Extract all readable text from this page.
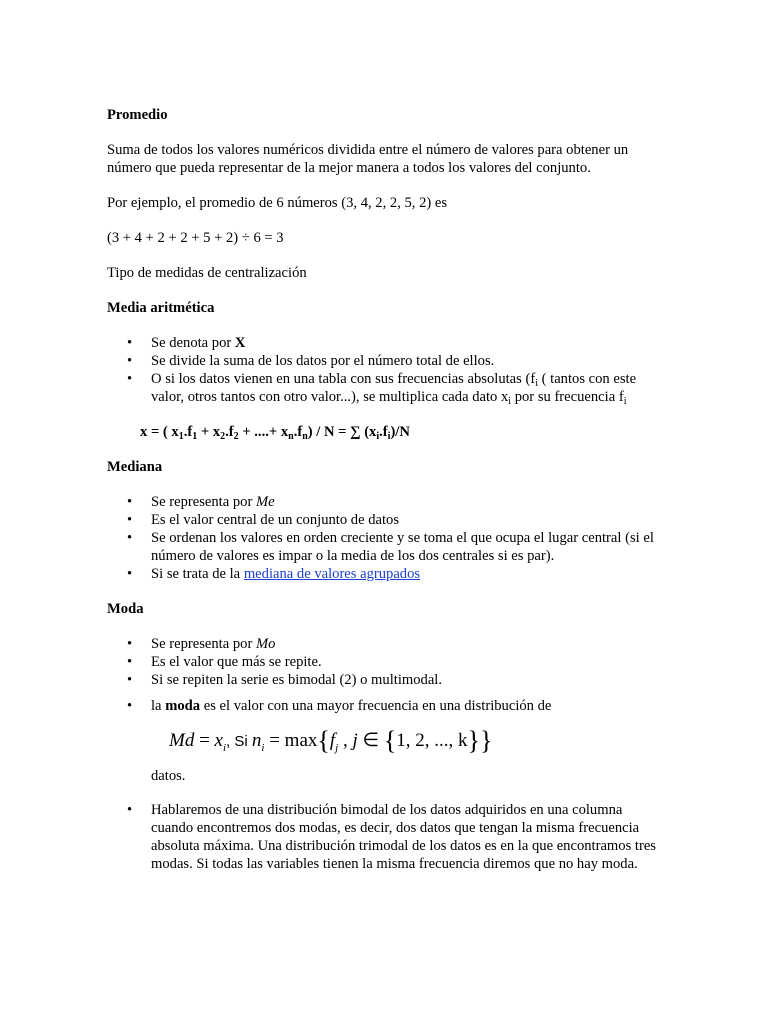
Promedio

Suma de todos los valores numéricos dividida entre el número de valores para obtener un número que pueda representar de la mejor manera a todos los valores del conjunto.

Por ejemplo, el promedio de 6 números (3, 4, 2, 2, 5, 2) es

(3 + 4 + 2 + 2 + 5 + 2) ÷ 6 = 3

Tipo de medidas de centralización

Media aritmética

• Se denota por X
• Se divide la suma de los datos por el número total de ellos.
• O si los datos vienen en una tabla con sus frecuencias absolutas ($f_i$ ( tantos con este valor, otros tantos con otro valor...), se multiplica cada dato $x_i$ por su frecuencia $f_i$

x = ( $x_1.f_1 + x_2.f_2$ + ....+ $x_n.f_n$) / N = ∑ $(x_i.f_i)/N$

Mediana

• Se representa por Me
• Es el valor central de un conjunto de datos
• Se ordenan los valores en orden creciente y se toma el que ocupa el lugar central (si el número de valores es impar o la media de los dos centrales si es par).
• Si se trata de la mediana de valores agrupados

Moda

• Se representa por Mo
• Es el valor que más se repite.
• Si se repiten la serie es bimodal (2) o multimodal.
• la moda es el valor con una mayor frecuencia en una distribución de
$Md = x_i$, Si $n_i = \max\{f_j$ , j ∈ {1, 2, ..., k}}

datos.

• Hablaremos de una distribución bimodal de los datos adquiridos en una columna cuando encontremos dos modas, es decir, dos datos que tengan la misma frecuencia absoluta máxima. Una distribución trimodal de los datos es en la que encontramos tres modas. Si todas las variables tienen la misma frecuencia diremos que no hay moda.
